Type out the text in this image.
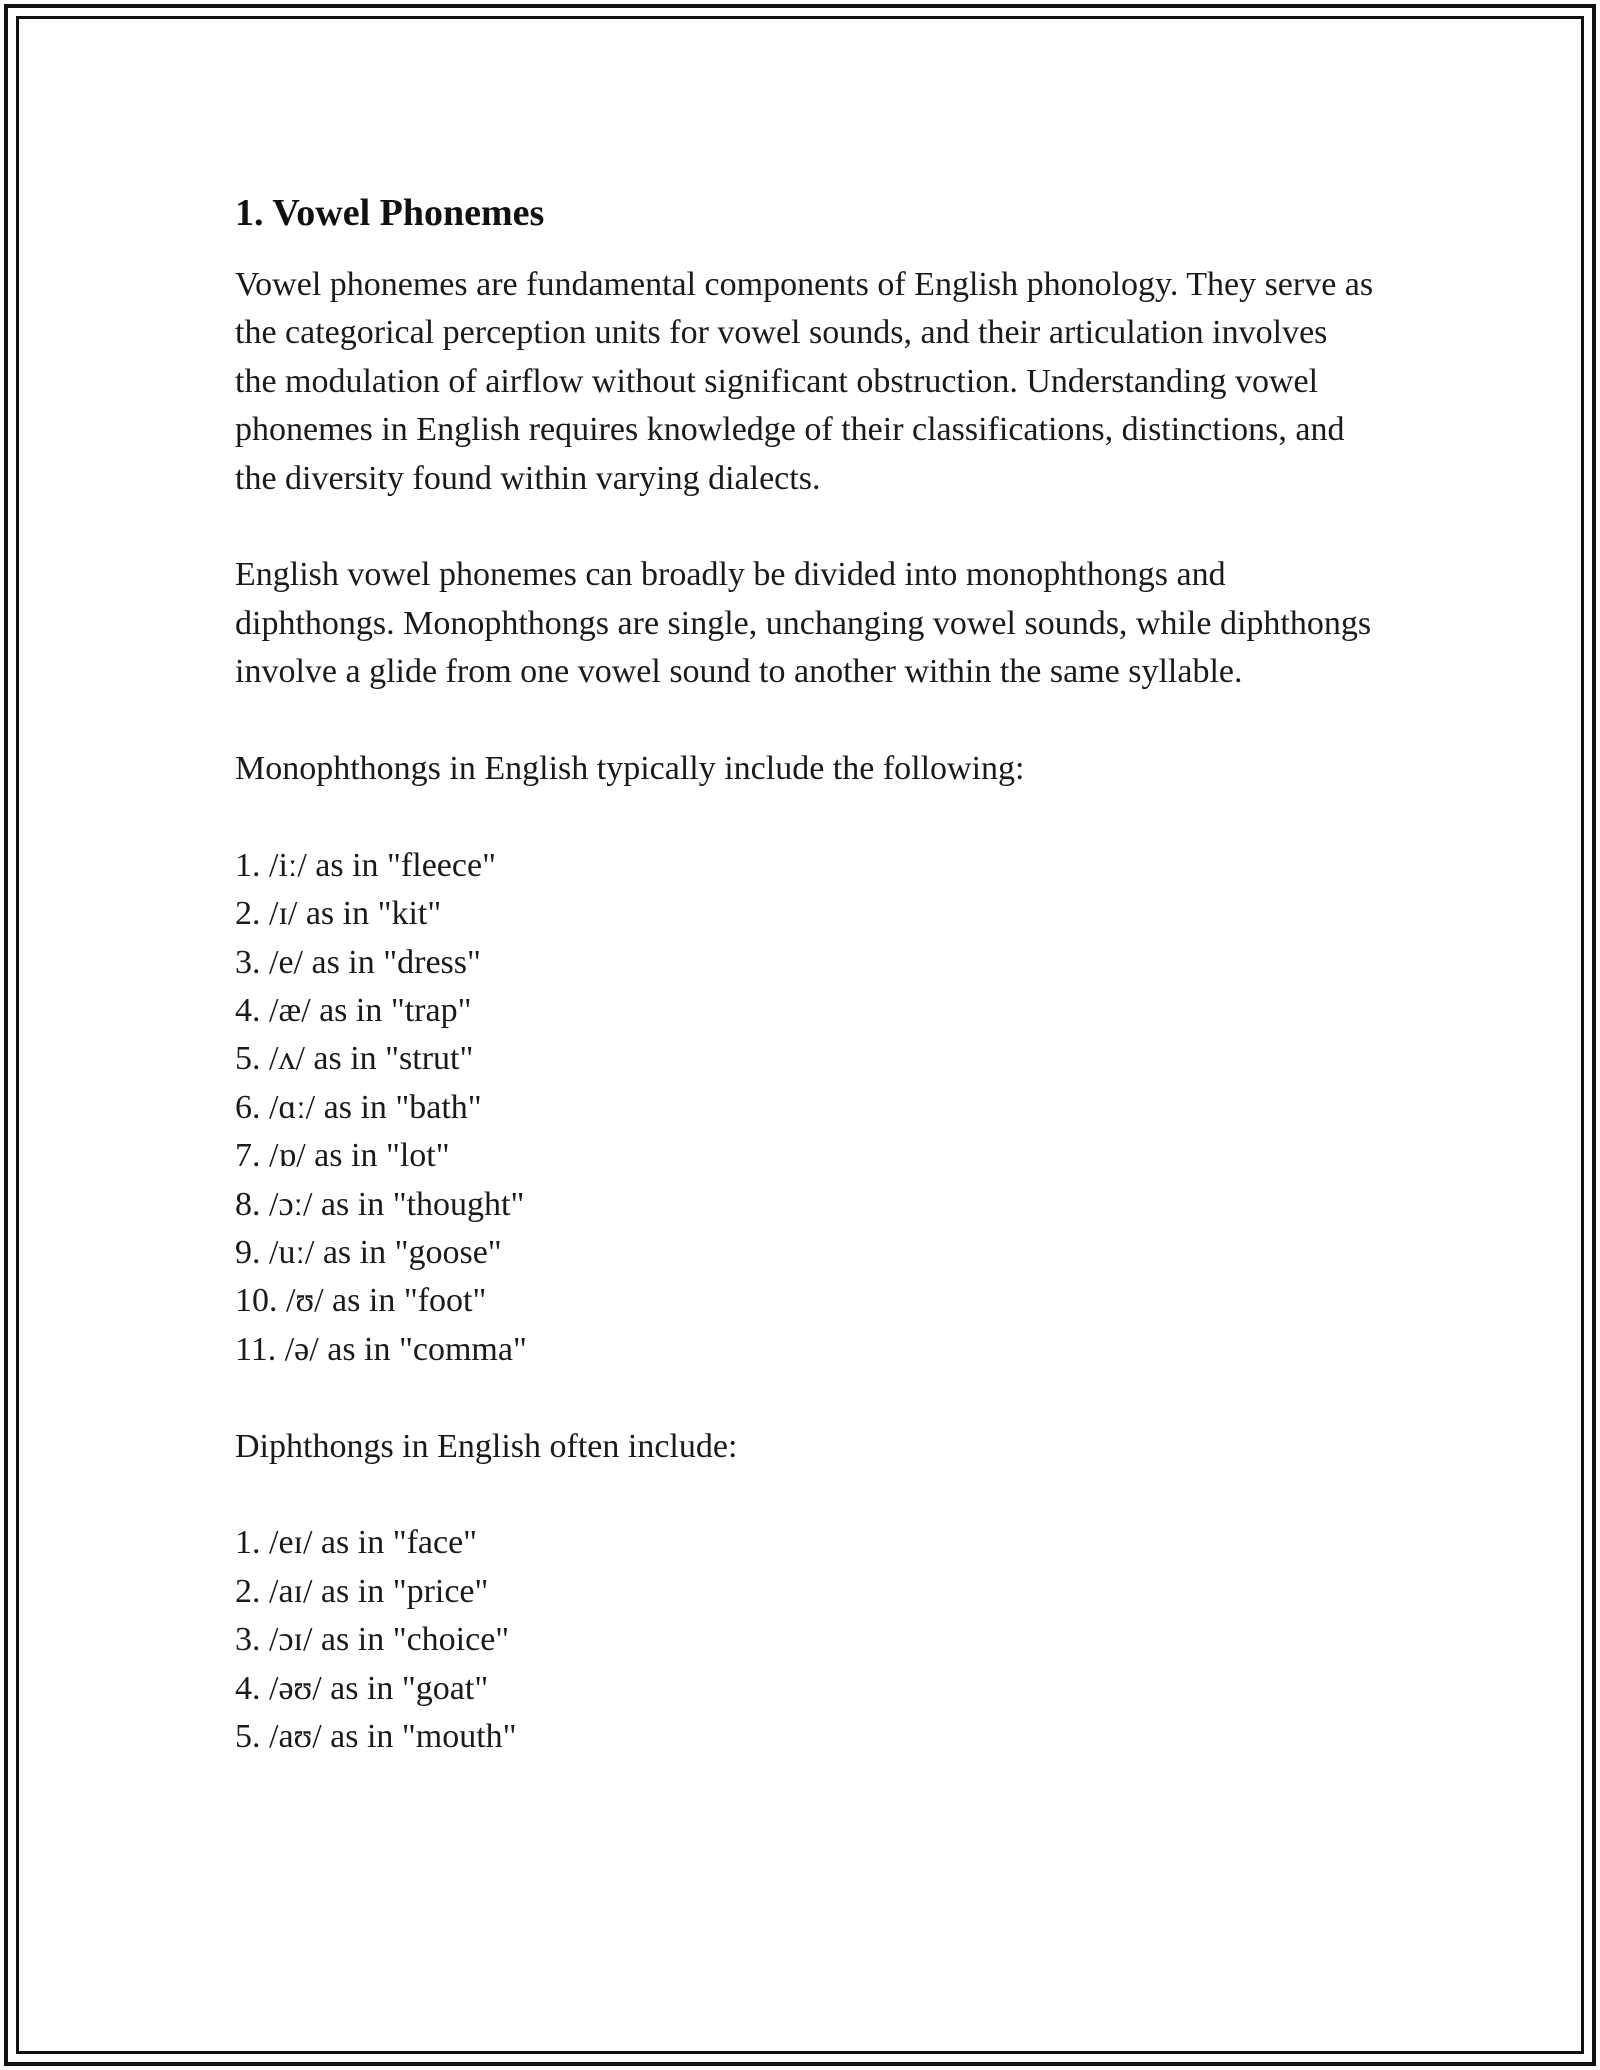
1. Vowel Phonemes

Vowel phonemes are fundamental components of English phonology. They serve as the categorical perception units for vowel sounds, and their articulation involves the modulation of airflow without significant obstruction. Understanding vowel phonemes in English requires knowledge of their classifications, distinctions, and the diversity found within varying dialects.

English vowel phonemes can broadly be divided into monophthongs and diphthongs. Monophthongs are single, unchanging vowel sounds, while diphthongs involve a glide from one vowel sound to another within the same syllable.

Monophthongs in English typically include the following:

1. /iː/ as in "fleece"
2. /ɪ/ as in "kit"
3. /e/ as in "dress"
4. /æ/ as in "trap"
5. /ʌ/ as in "strut"
6. /ɑː/ as in "bath"
7. /ɒ/ as in "lot"
8. /ɔː/ as in "thought"
9. /uː/ as in "goose"
10. /ʊ/ as in "foot"
11. /ə/ as in "comma"

Diphthongs in English often include:

1. /eɪ/ as in "face"
2. /aɪ/ as in "price"
3. /ɔɪ/ as in "choice"
4. /əʊ/ as in "goat"
5. /aʊ/ as in "mouth"
